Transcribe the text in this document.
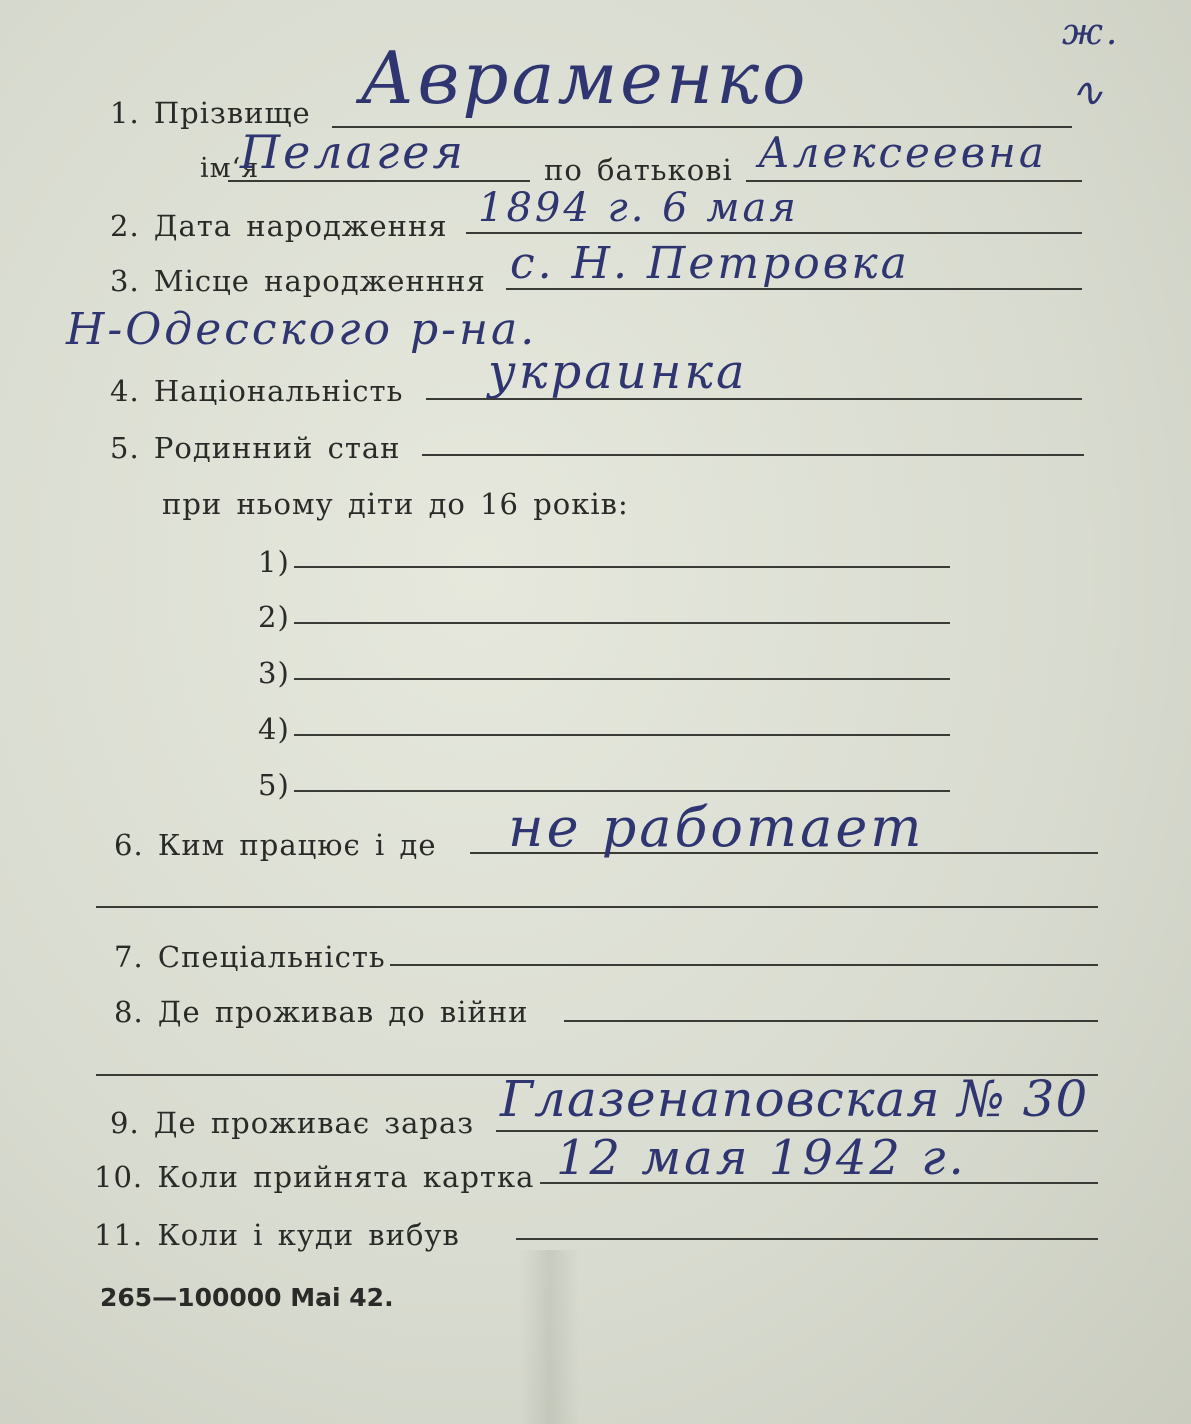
ж.
∿
1. Прізвище Авраменко
ім‘я
Пелагея	по батькові Алексеевна
2. Дата народження 1894 г. 6 мая
3. Місце народженння с. Н. Петровка
Н-Одесского р-на.
4. Національність украинка
5. Родинний стан
при ньому діти до 16 років:
1)
2)
3)
4)
5)
6. Ким працює і де не работает
7. Спеціальність
8. Де проживав до війни
9. Де проживає зараз Глазенаповская № 30
10. Коли прийнята картка 12 мая 1942 г.
11. Коли і куди вибув
265—100000 Mai 42.
